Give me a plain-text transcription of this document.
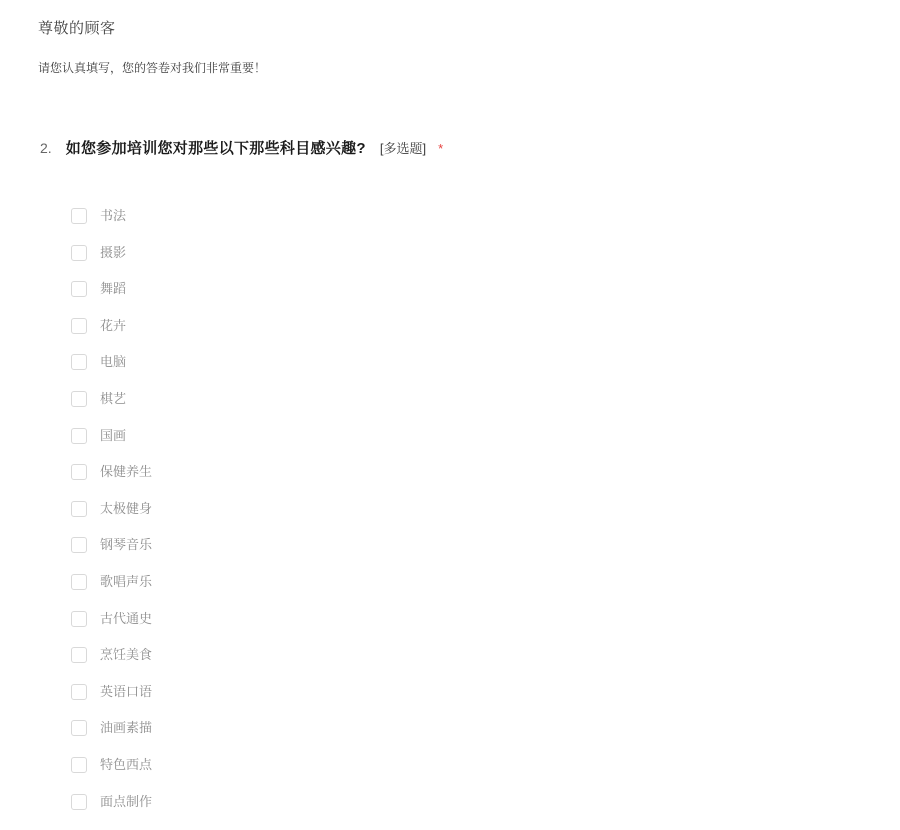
尊敬的顾客
请您认真填写，您的答卷对我们非常重要！
2. 如您参加培训您对那些以下那些科目感兴趣? [多选题] *
书法
摄影
舞蹈
花卉
电脑
棋艺
国画
保健养生
太极健身
钢琴音乐
歌唱声乐
古代通史
烹饪美食
英语口语
油画素描
特色西点
面点制作
